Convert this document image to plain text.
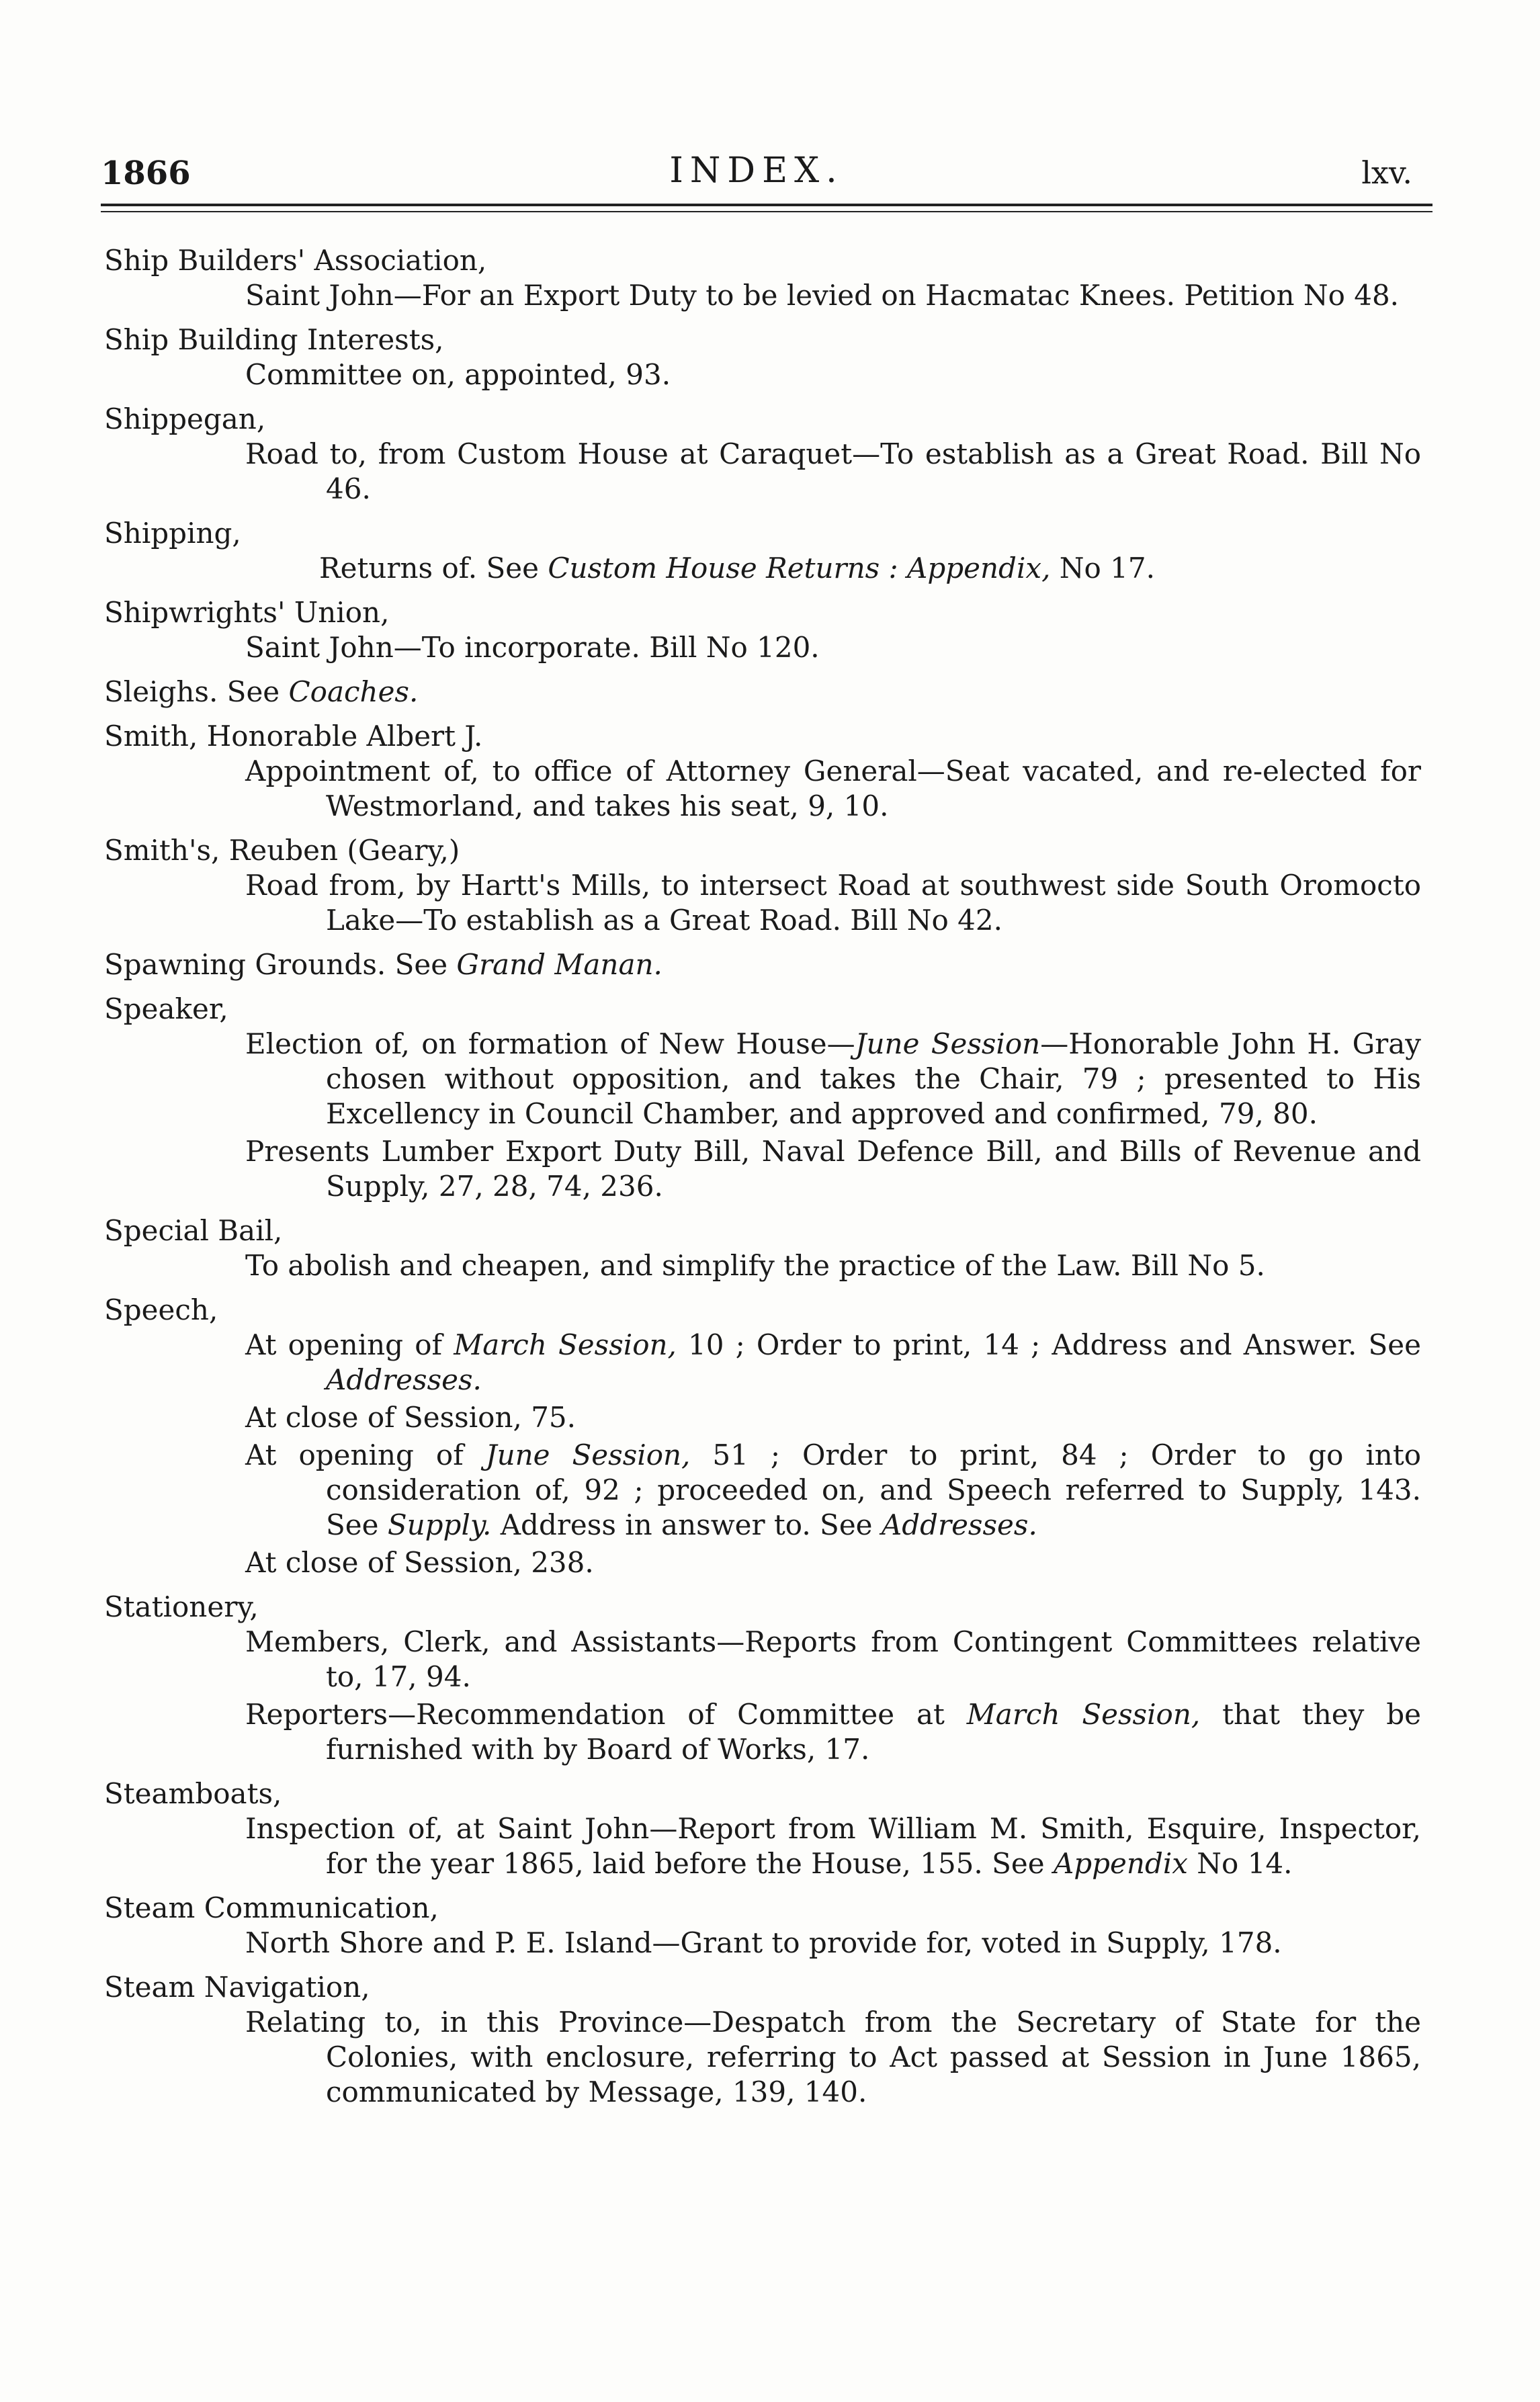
1866	INDEX.	lxv.
Ship Builders' Association,
Saint John—For an Export Duty to be levied on Hacmatac Knees. Petition No 48.
Ship Building Interests,
Committee on, appointed, 93.
Shippegan,
Road to, from Custom House at Caraquet—To establish as a Great Road. Bill No 46.
Shipping,
Returns of. See Custom House Returns : Appendix, No 17.
Shipwrights' Union,
Saint John—To incorporate. Bill No 120.
Sleighs. See Coaches.
Smith, Honorable Albert J.
Appointment of, to office of Attorney General—Seat vacated, and re-elected for Westmorland, and takes his seat, 9, 10.
Smith's, Reuben (Geary,)
Road from, by Hartt's Mills, to intersect Road at southwest side South Oromocto Lake—To establish as a Great Road. Bill No 42.
Spawning Grounds. See Grand Manan.
Speaker,
Election of, on formation of New House—June Session—Honorable John H. Gray chosen without opposition, and takes the Chair, 79 ; presented to His Excellency in Council Chamber, and approved and confirmed, 79, 80.
Presents Lumber Export Duty Bill, Naval Defence Bill, and Bills of Revenue and Supply, 27, 28, 74, 236.
Special Bail,
To abolish and cheapen, and simplify the practice of the Law. Bill No 5.
Speech,
At opening of March Session, 10 ; Order to print, 14 ; Address and Answer. See Addresses.
At close of Session, 75.
At opening of June Session, 51 ; Order to print, 84 ; Order to go into consideration of, 92 ; proceeded on, and Speech referred to Supply, 143. See Supply. Address in answer to. See Addresses.
At close of Session, 238.
Stationery,
Members, Clerk, and Assistants—Reports from Contingent Committees relative to, 17, 94.
Reporters—Recommendation of Committee at March Session, that they be furnished with by Board of Works, 17.
Steamboats,
Inspection of, at Saint John—Report from William M. Smith, Esquire, Inspector, for the year 1865, laid before the House, 155. See Appendix No 14.
Steam Communication,
North Shore and P. E. Island—Grant to provide for, voted in Supply, 178.
Steam Navigation,
Relating to, in this Province—Despatch from the Secretary of State for the Colonies, with enclosure, referring to Act passed at Session in June 1865, communicated by Message, 139, 140.
